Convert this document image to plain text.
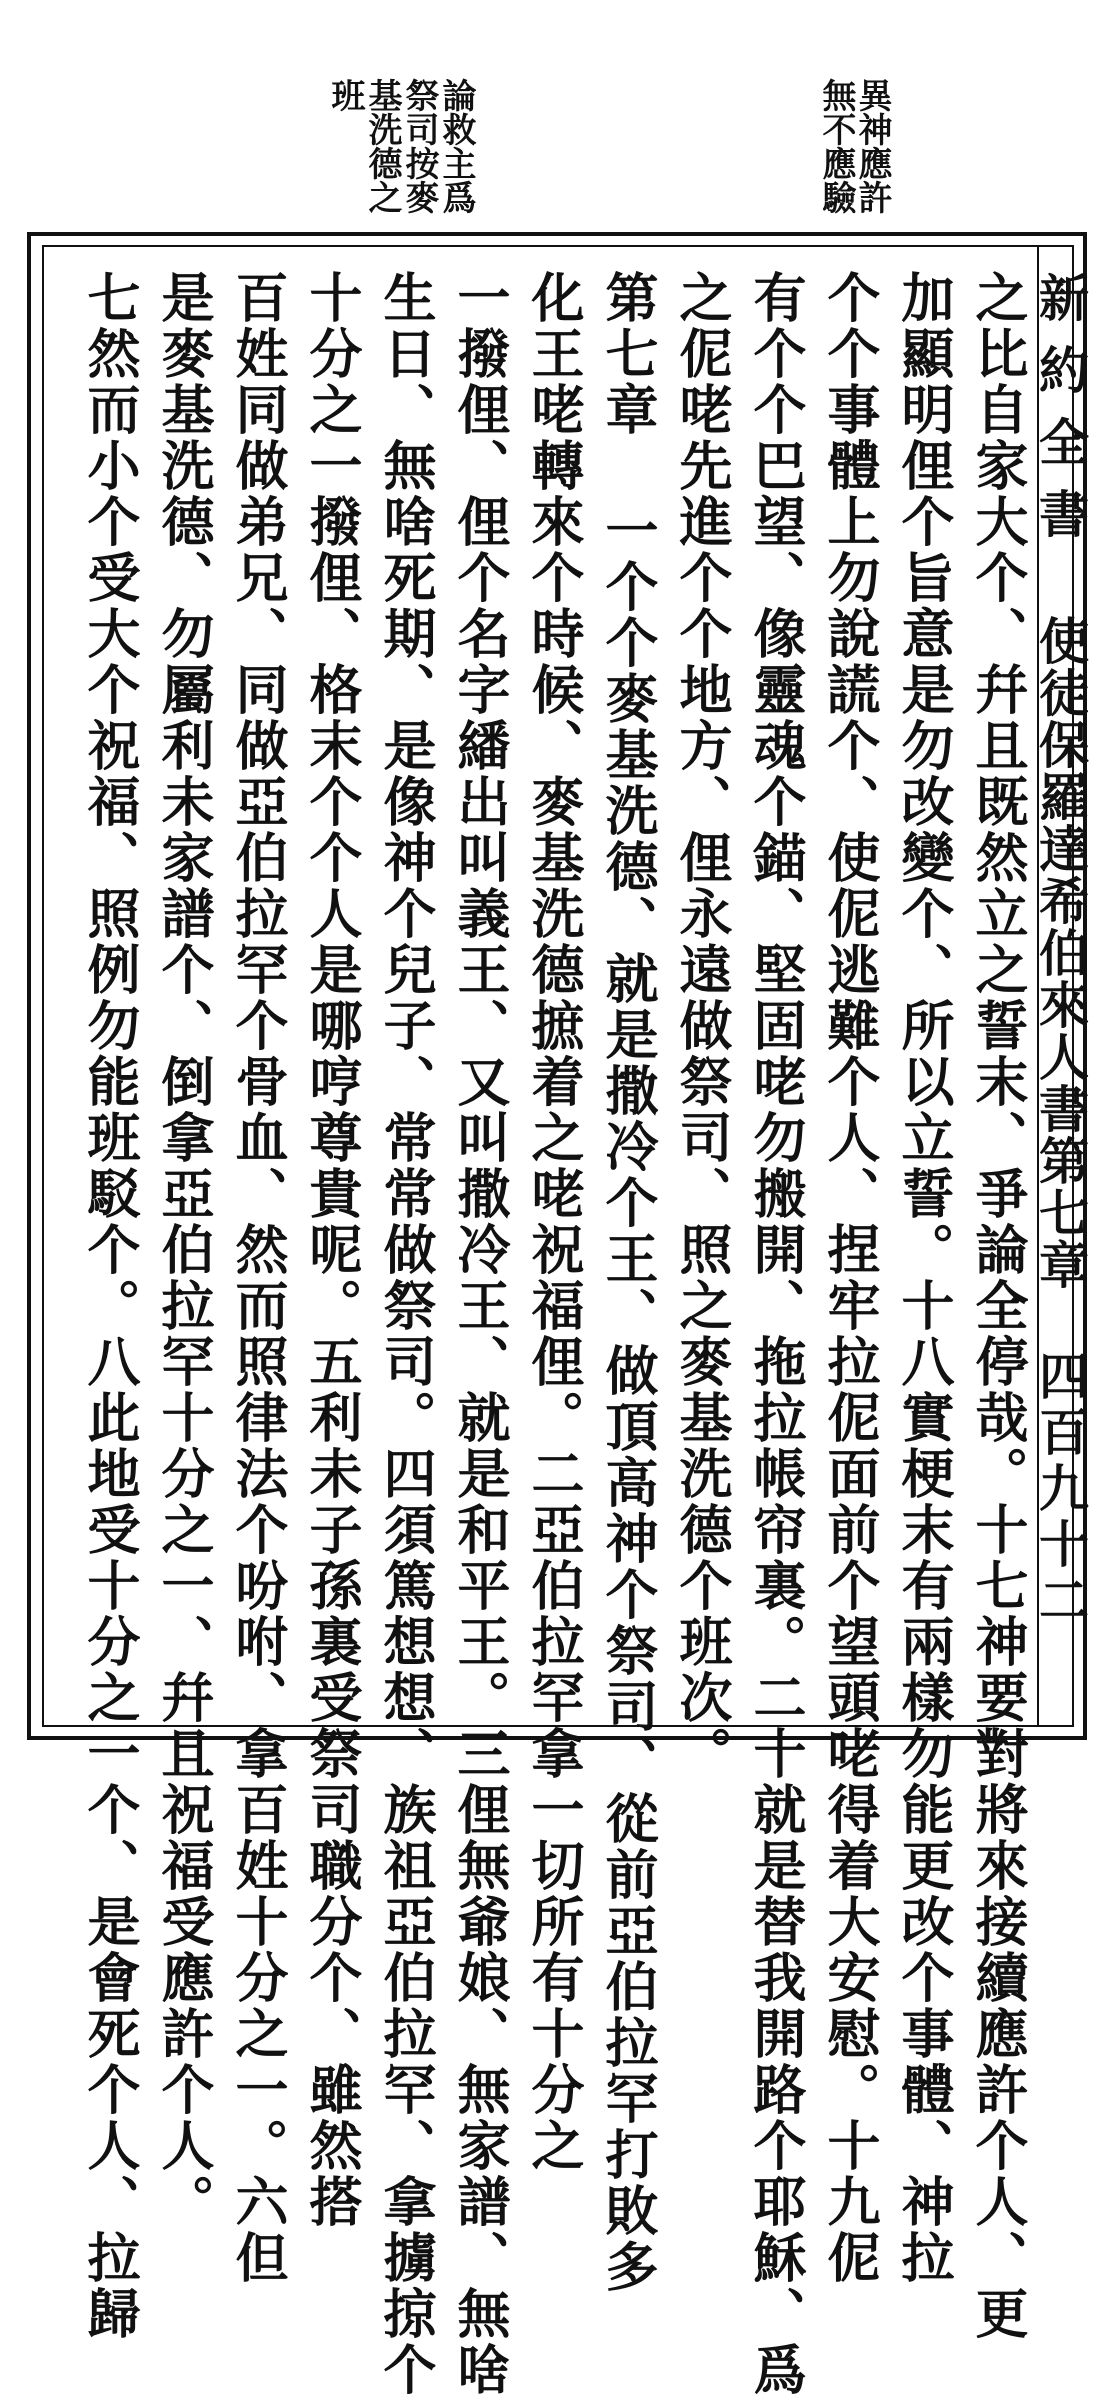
異神應許
無不應驗
論救主爲
祭司按麥
基洗德之
班
新約全書
使徒保羅達希伯來人書第七章
四百九十二
之比自家大个、幷且既然立之誓末、爭論全停哉。十七神要對將來接續應許个人、更
加顯明俚个旨意是勿改變个、所以立誓。十八實梗末有兩樣勿能更改个事體、神拉
个个事體上勿說謊个、使伲逃難个人、捏牢拉伲面前个望頭咾得着大安慰。十九伲
有个个巴望、像靈魂个錨、堅固咾勿搬開、拖拉帳帘裏。二十就是替我開路个耶穌、爲
之伲咾先進个个地方、俚永遠做祭司、照之麥基洗德个班次。
第七章 一个个麥基洗德、就是撒冷个王、做頂高神个祭司、從前亞伯拉罕打敗多
化王咾轉來个時候、麥基洗德摭着之咾祝福俚。二亞伯拉罕拿一切所有十分之
一撥俚、俚个名字繙出叫義王、又叫撒冷王、就是和平王。三俚無爺娘、無家譜、無啥
生日、無啥死期、是像神个兒子、常常做祭司。四須篤想想、族祖亞伯拉罕、拿擄掠个
十分之一撥俚、格末个个人是哪哼尊貴呢。五利未子孫裏受祭司職分个、雖然搭
百姓同做弟兄、同做亞伯拉罕个骨血、然而照律法个吩咐、拿百姓十分之一。六但
是麥基洗德、勿屬利未家譜个、倒拿亞伯拉罕十分之一、幷且祝福受應許个人。
七然而小个受大个祝福、照例勿能班駁个。八此地受十分之一个、是會死个人、拉歸
